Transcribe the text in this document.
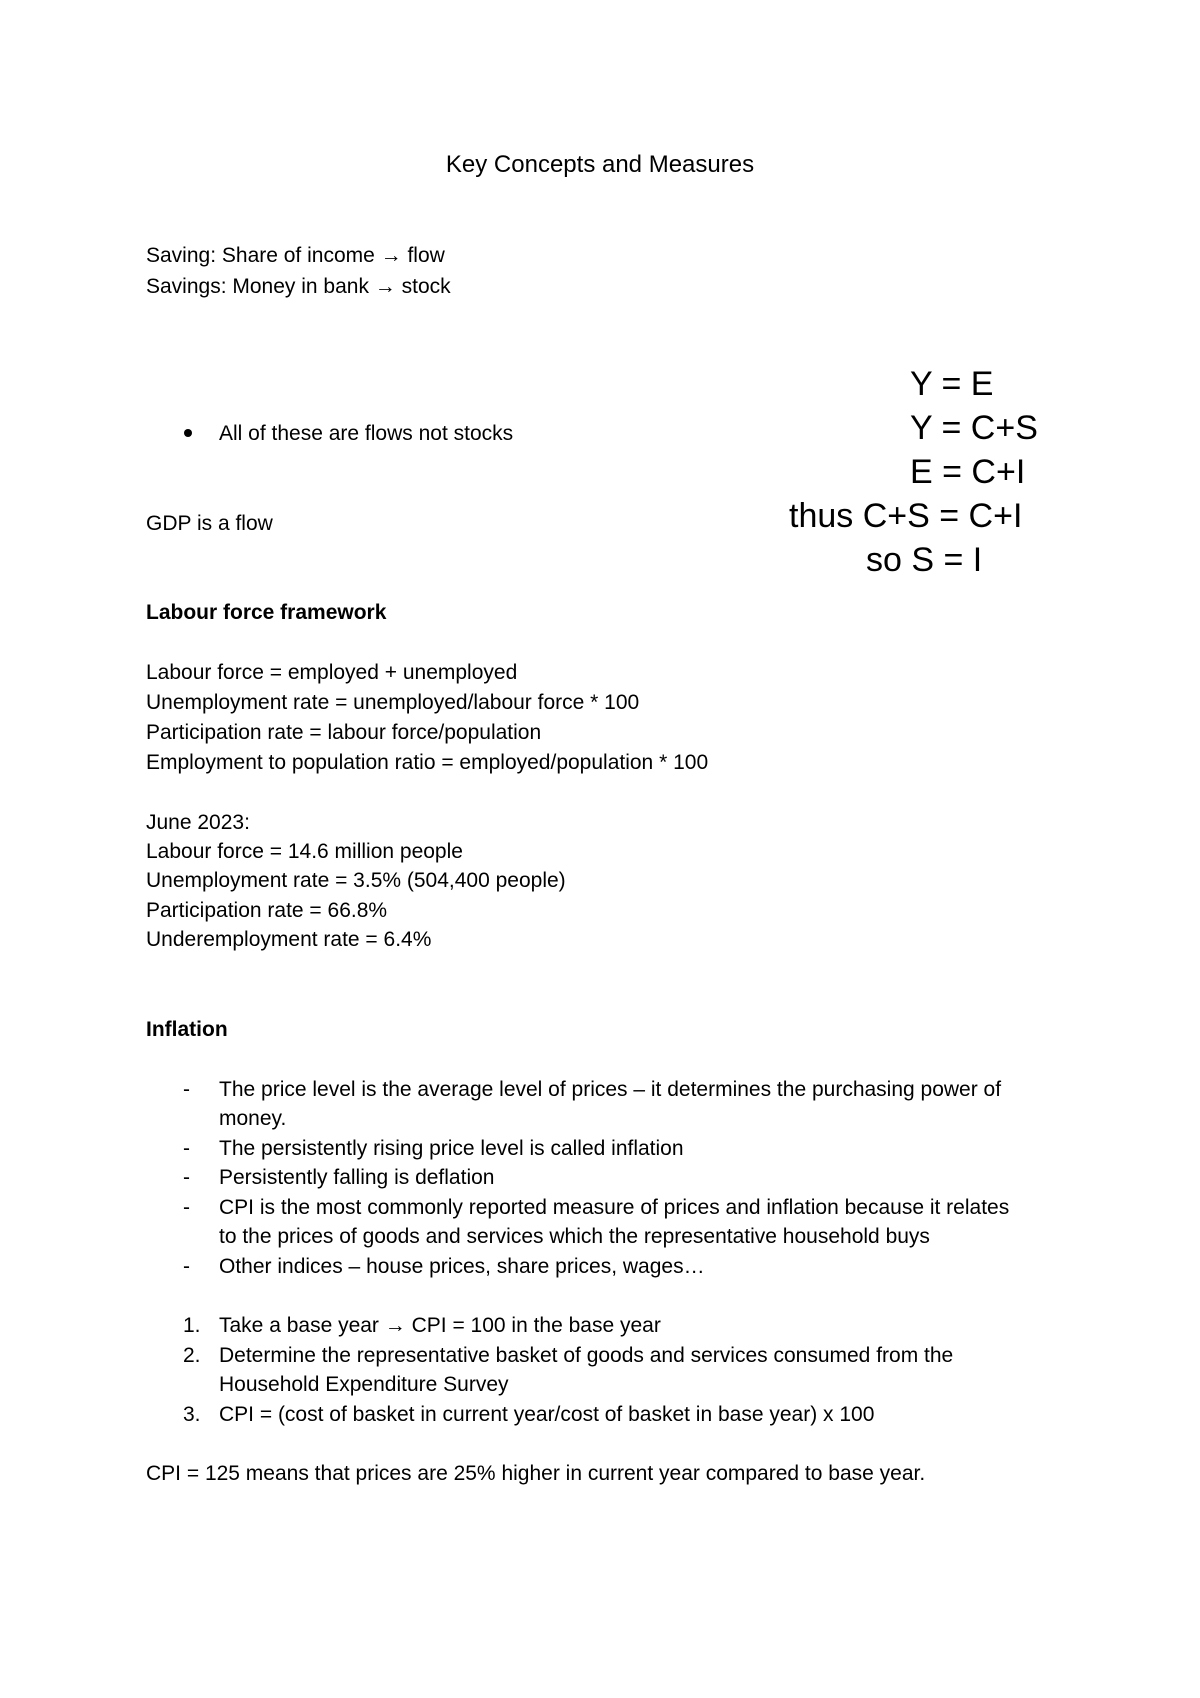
Key Concepts and Measures
Saving: Share of income → flow
Savings: Money in bank → stock
All of these are flows not stocks
GDP is a flow
Y = E
Y = C+S
E = C+I
thus C+S = C+I
so S = I
Labour force framework
Labour force = employed + unemployed
Unemployment rate = unemployed/labour force * 100
Participation rate = labour force/population
Employment to population ratio = employed/population * 100
June 2023:
Labour force = 14.6 million people
Unemployment rate = 3.5% (504,400 people)
Participation rate = 66.8%
Underemployment rate = 6.4%
Inflation
- The price level is the average level of prices – it determines the purchasing power of
money.
- The persistently rising price level is called inflation
- Persistently falling is deflation
- CPI is the most commonly reported measure of prices and inflation because it relates
to the prices of goods and services which the representative household buys
- Other indices – house prices, share prices, wages…
1. Take a base year → CPI = 100 in the base year
2. Determine the representative basket of goods and services consumed from the
Household Expenditure Survey
3. CPI = (cost of basket in current year/cost of basket in base year) x 100
CPI = 125 means that prices are 25% higher in current year compared to base year.
